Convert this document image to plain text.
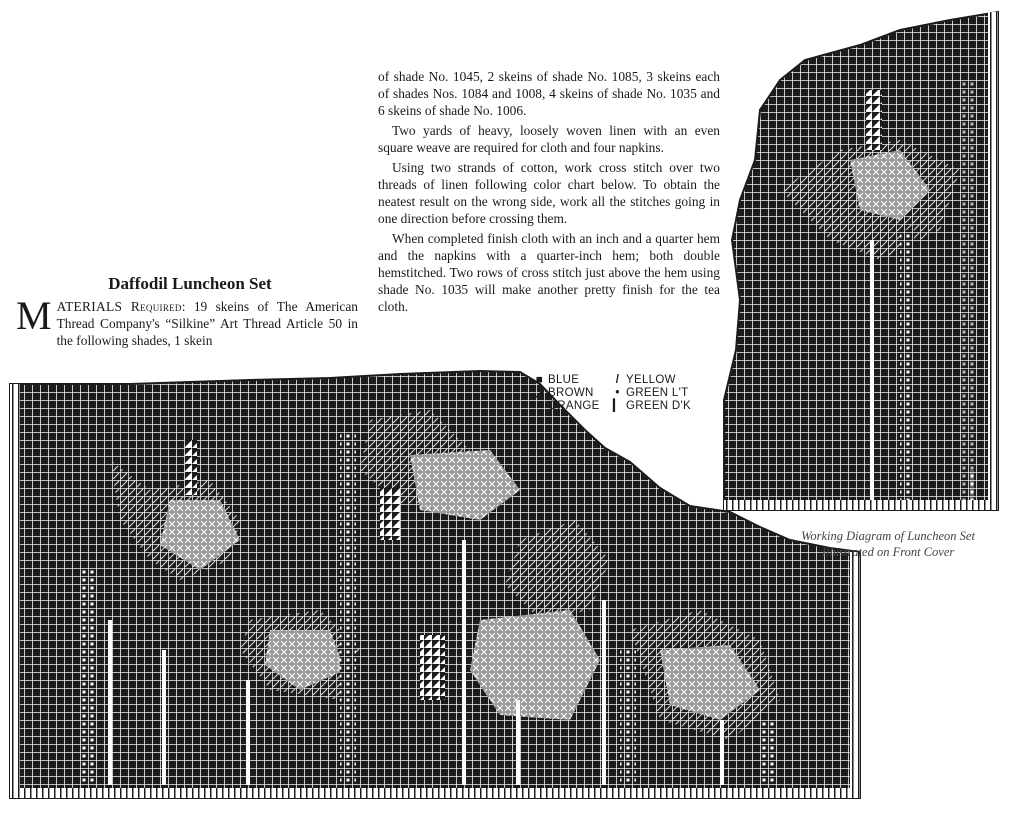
Daffodil Luncheon Set
MATERIALS Required: 19 skeins of The American Thread Company's “Silkine” Art Thread Article 50 in the following shades, 1 skein

of shade No. 1045, 2 skeins of shade No. 1085, 3 skeins each of shades Nos. 1084 and 1008, 4 skeins of shade No. 1035 and 6 skeins of shade No. 1006.

Two yards of heavy, loosely woven linen with an even square weave are required for cloth and four napkins.

Using two strands of cotton, work cross stitch over two threads of linen following color chart below. To obtain the neatest result on the wrong side, work all the stitches going in one direction before crossing them.

When completed finish cloth with an inch and a quarter hem and the napkins with a quarter-inch hem; both double hemstitched. Two rows of cross stitch just above the hem using shade No. 1035 will make another pretty finish for the tea cloth.

■ BLUE	/ YELLOW
◢ BROWN • GREEN L'T
× ORANGE ▎ GREEN D'K
Working Diagram of Luncheon Set
Illustrated on Front Cover
